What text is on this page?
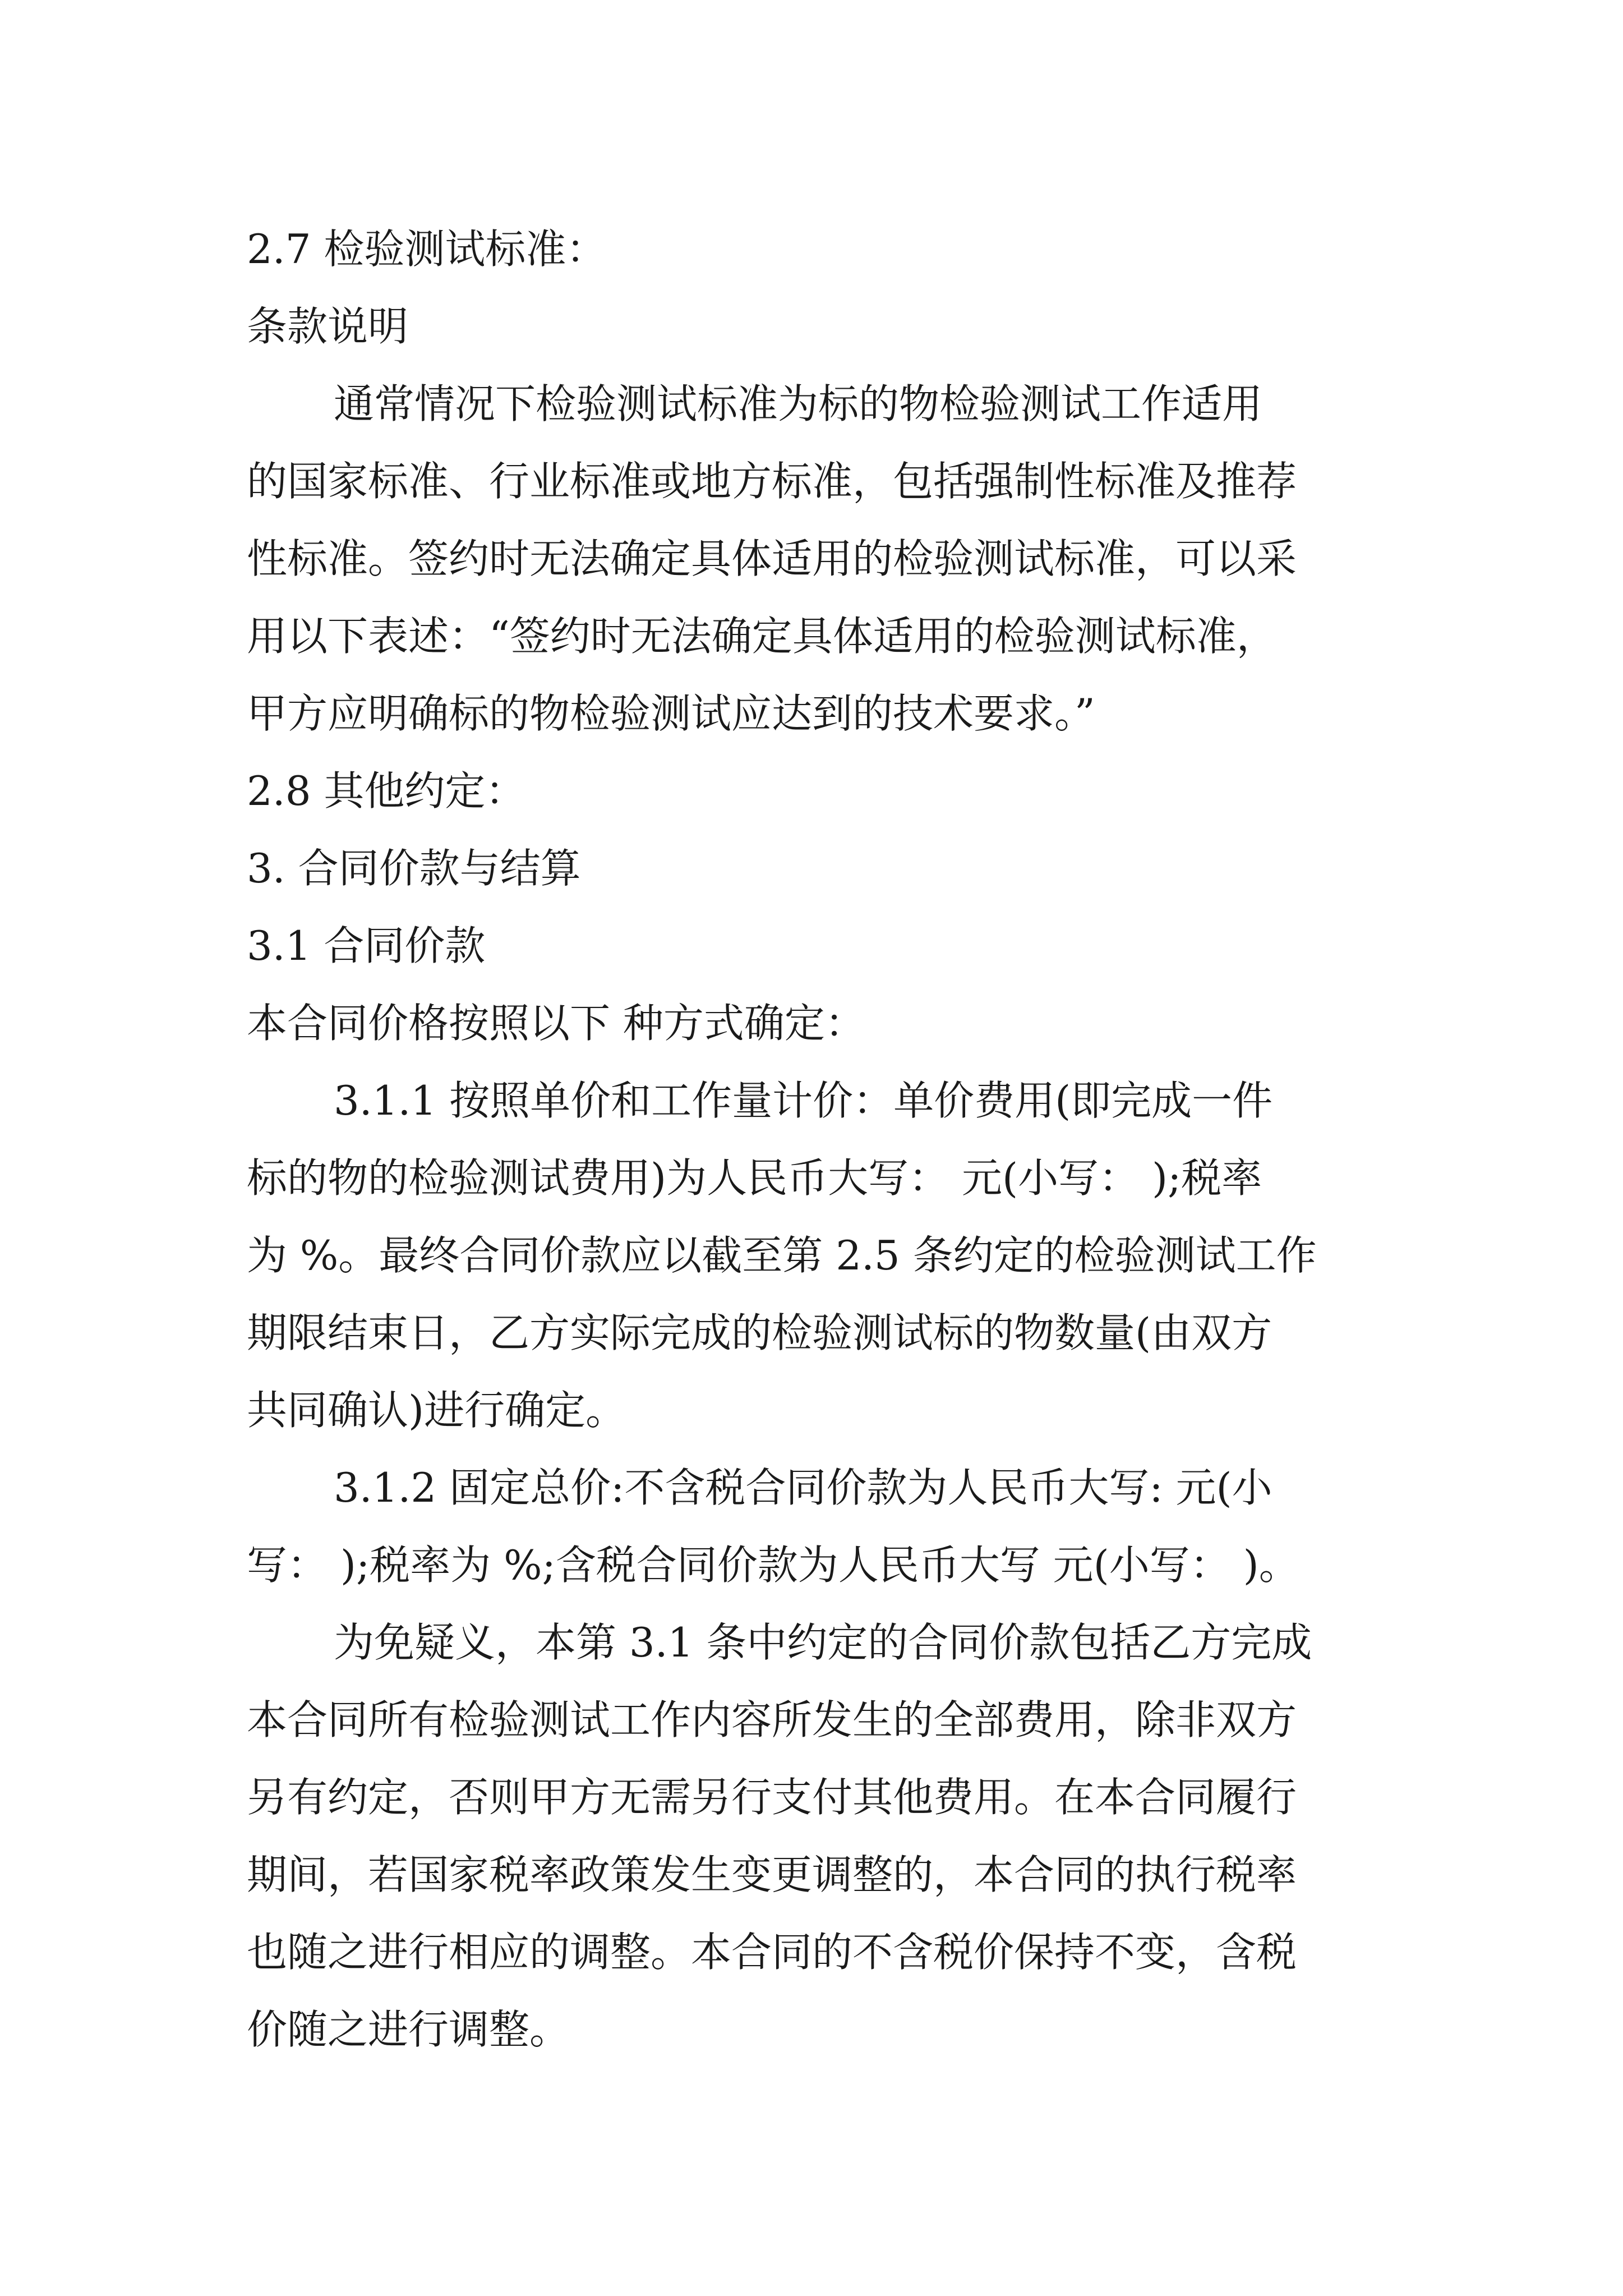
2.7 检验测试标准：

条款说明

通常情况下检验测试标准为标的物检验测试工作适用
的国家标准、行业标准或地方标准，包括强制性标准及推荐
性标准。签约时无法确定具体适用的检验测试标准，可以采
用以下表述：“签约时无法确定具体适用的检验测试标准，
甲方应明确标的物检验测试应达到的技术要求。”

2.8 其他约定：

3. 合同价款与结算

3.1 合同价款

本合同价格按照以下 种方式确定：

3.1.1 按照单价和工作量计价：单价费用(即完成一件
标的物的检验测试费用)为人民币大写： 元(小写： );税率
为 %。最终合同价款应以截至第 2.5 条约定的检验测试工作
期限结束日，乙方实际完成的检验测试标的物数量(由双方
共同确认)进行确定。

3.1.2 固定总价:不含税合同价款为人民币大写: 元(小
写： );税率为 %;含税合同价款为人民币大写 元(小写： )。

为免疑义，本第 3.1 条中约定的合同价款包括乙方完成
本合同所有检验测试工作内容所发生的全部费用，除非双方
另有约定，否则甲方无需另行支付其他费用。在本合同履行
期间，若国家税率政策发生变更调整的，本合同的执行税率
也随之进行相应的调整。本合同的不含税价保持不变，含税
价随之进行调整。
